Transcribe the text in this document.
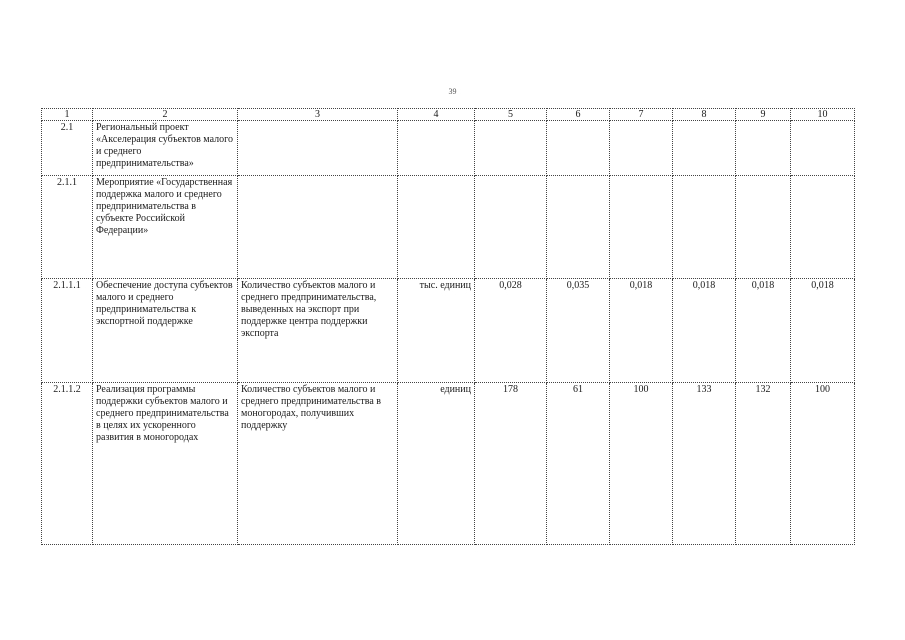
39
1	2	3	4	5	6	7	8	9	10
2.1	Региональный проект «Акселерация субъектов малого и среднего предпринимательства»								
2.1.1	Мероприятие «Государственная поддержка малого и среднего предпринимательства в субъекте Российской Федерации»								
2.1.1.1	Обеспечение доступа субъектов малого и среднего предпринимательства к экспортной поддержке	Количество субъектов малого и среднего предпринимательства, выведенных на экспорт при поддержке центра поддержки экспорта	тыс. единиц	0,028	0,035	0,018	0,018	0,018	0,018
2.1.1.2	Реализация программы поддержки субъектов малого и среднего предпринимательства в целях их ускоренного развития в моногородах	Количество субъектов малого и среднего предпринимательства в моногородах, получивших поддержку	единиц	178	61	100	133	132	100
